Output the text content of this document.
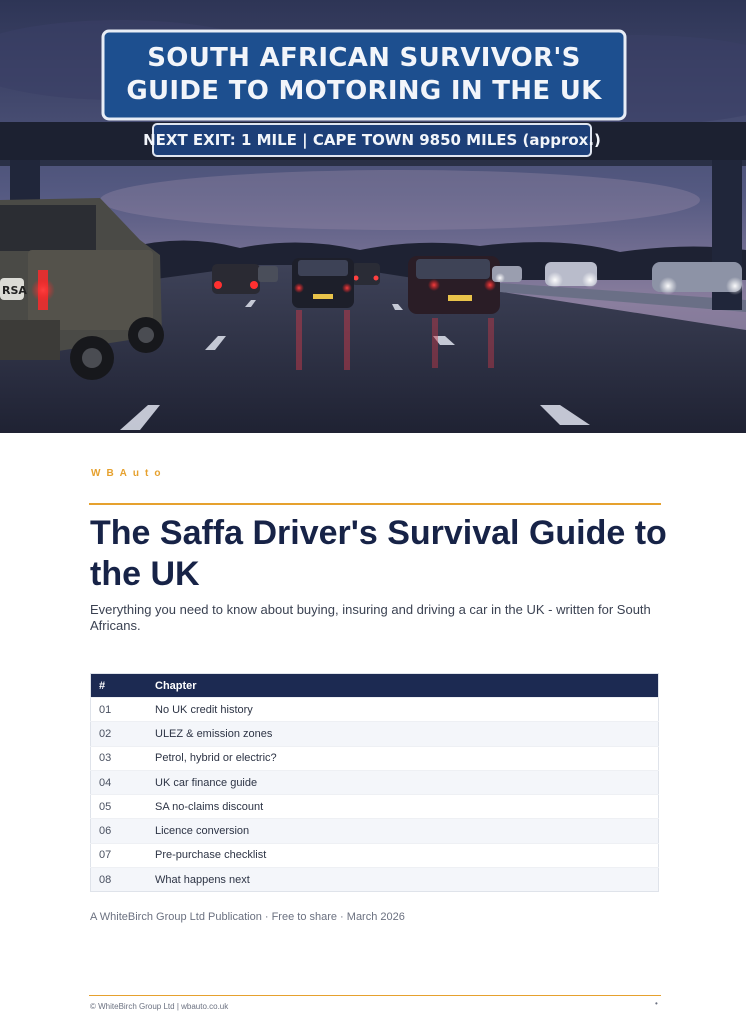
RSA
SOUTH AFRICAN SURVIVOR'S
GUIDE TO MOTORING IN THE UK
NEXT EXIT: 1 MILE | CAPE TOWN 9850 MILES (approx.)
WBAuto
The Saffa Driver's Survival Guide to the UK

Everything you need to know about buying, insuring and driving a car in the UK - written for South Africans.

#	Chapter
01	No UK credit history
02	ULEZ & emission zones
03	Petrol, hybrid or electric?
04	UK car finance guide
05	SA no-claims discount
06	Licence conversion
07	Pre-purchase checklist
08	What happens next
A WhiteBirch Group Ltd Publication · Free to share · March 2026
© WhiteBirch Group Ltd | wbauto.co.uk	•
